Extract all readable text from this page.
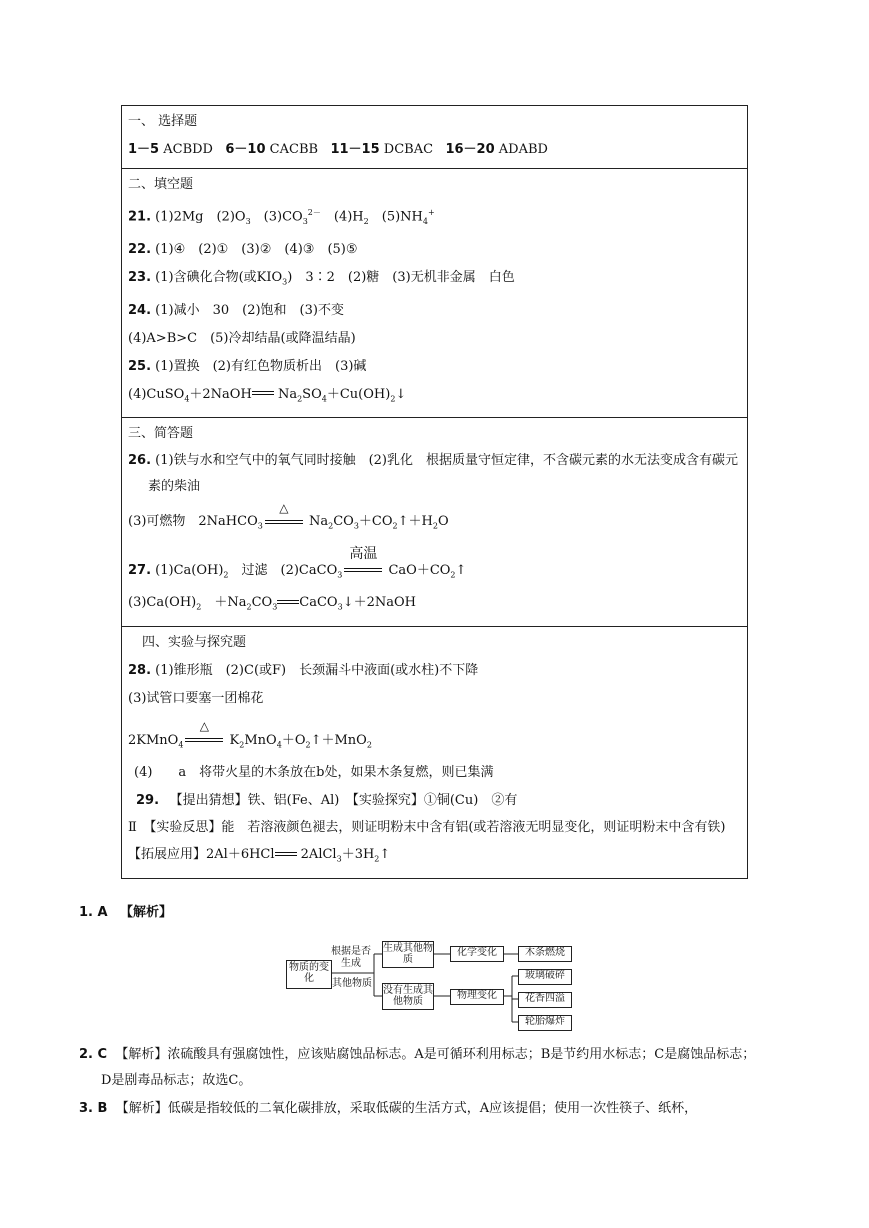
一、 选择题
1－5 ACBDD 6－10 CACBB 11－15 DCBAC 16－20 ADABD
二、填空题
21. (1)2Mg　$(2)O_3$　$(3)CO_3^{2-}$　$(4)H_2$　$(5)NH_4^+$
22. (1)④　(2)①　(3)②　(4)③　(5)⑤
23. (1)含碘化合物(或$KIO_3$)　3∶2　(2)糖　(3)无机非金属　白色
24. (1)减小　30　(2)饱和　(3)不变
(4)A>B>C　(5)冷却结晶(或降温结晶)
25. (1)置换　(2)有红色物质析出　(3)碱
(4)CuSO$_4$＋2NaOH $Na_2SO_4+Cu(OH)_2↓$
三、简答题
26. (1)铁与水和空气中的氧气同时接触　(2)乳化　根据质量守恒定律，不含碳元素的水无法变成含有碳元素的柴油
(3)可燃物　2NaHCO$_3$
△
$Na_2CO_3+CO_2↑+H_2O$
27. $(1)Ca(OH)_2$　过滤　(2)CaCO$_3$
高温
$CaO+CO_2↑$
$(3)Ca(OH)_2$　$+Na_2CO_3$ CaCO$_3$↓＋2NaOH
四、实验与探究题
28. (1)锥形瓶　(2)C(或F)　长颈漏斗中液面(或水柱)不下降
(3)试管口要塞一团棉花
2KMnO$_4$
△
$K_2MnO_4+O_2↑+MnO_2$
(4)　　a　将带火星的木条放在b处，如果木条复燃，则已集满
29. 　【提出猜想】铁、铝(Fe、Al)　【实验探究】①铜(Cu)　②有
Ⅱ　【实验反思】能　若溶液颜色褪去，则证明粉末中含有铝(或若溶液无明显变化，则证明粉末中含有铁)
【拓展应用】2Al＋6HCl $2AlCl_3+3H_2↑$
1. A 【解析】
物质的变化
根据是否生成
其他物质
生成其他物质
没有生成其他物质
化学变化
物理变化
木条燃烧
玻璃破碎
花香四溢
轮胎爆炸
2. C 【解析】浓硫酸具有强腐蚀性，应该贴腐蚀品标志。A是可循环利用标志；B是节约用水标志；C是腐蚀品标志；D是剧毒品标志；故选C。
3. B 【解析】低碳是指较低的二氧化碳排放，采取低碳的生活方式，A应该提倡；使用一次性筷子、纸杯，
